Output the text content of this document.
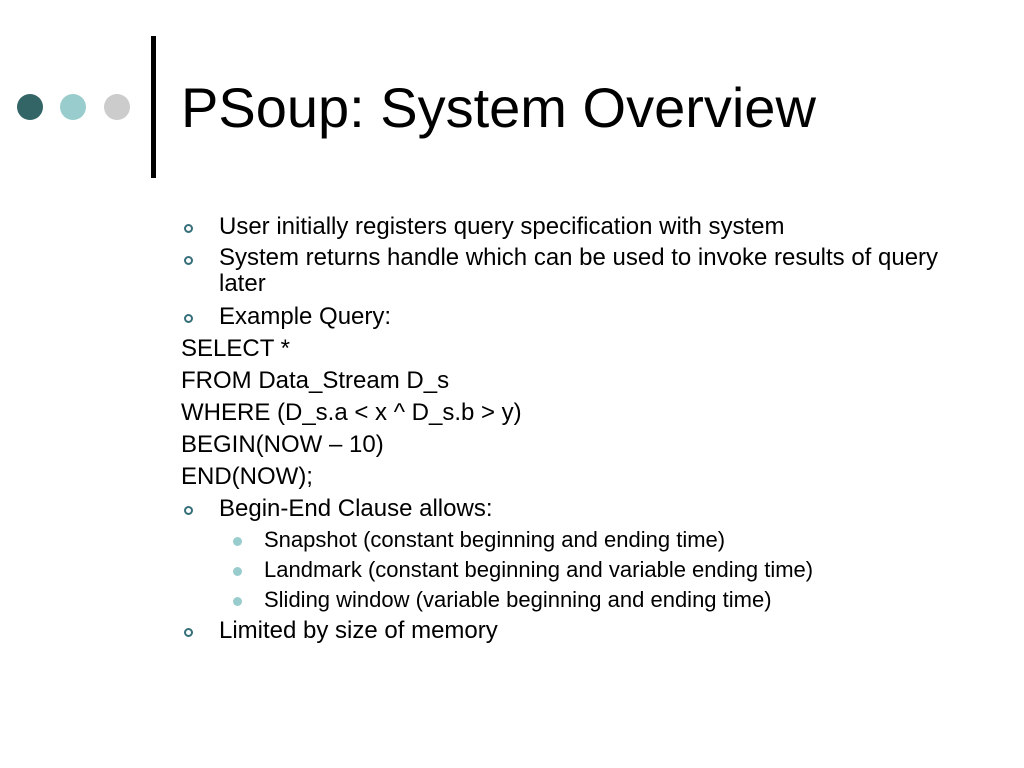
PSoup: System Overview
User initially registers query specification with system
System returns handle which can be used to invoke results of query later
Example Query:
SELECT *
FROM Data_Stream D_s
WHERE (D_s.a < x ^ D_s.b > y)
BEGIN(NOW – 10)
END(NOW);
Begin-End Clause allows:
Snapshot (constant beginning and ending time)
Landmark (constant beginning and variable ending time)
Sliding window (variable beginning and ending time)
Limited by size of memory
